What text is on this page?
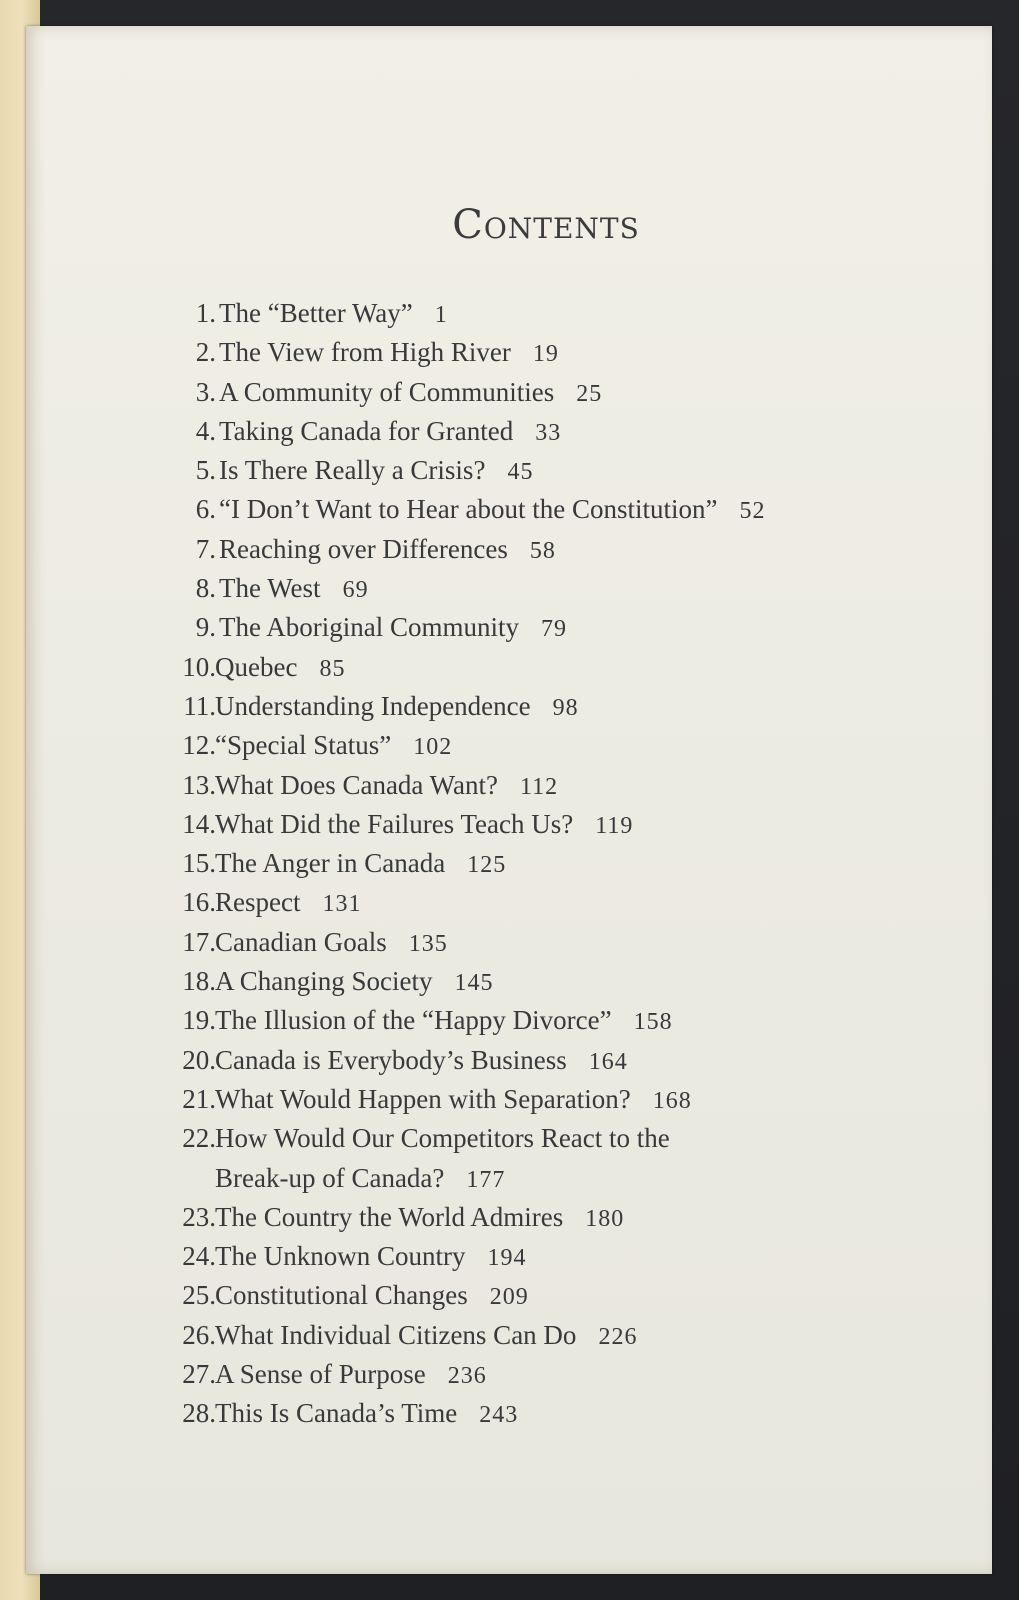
Contents
1. The “Better Way” 1
2. The View from High River 19
3. A Community of Communities 25
4. Taking Canada for Granted 33
5. Is There Really a Crisis? 45
6. “I Don’t Want to Hear about the Constitution” 52
7. Reaching over Differences 58
8. The West 69
9. The Aboriginal Community 79
10. Quebec 85
11. Understanding Independence 98
12. “Special Status” 102
13. What Does Canada Want? 112
14. What Did the Failures Teach Us? 119
15. The Anger in Canada 125
16. Respect 131
17. Canadian Goals 135
18. A Changing Society 145
19. The Illusion of the “Happy Divorce” 158
20. Canada is Everybody’s Business 164
21. What Would Happen with Separation? 168
22. How Would Our Competitors React to the
Break-up of Canada? 177
23. The Country the World Admires 180
24. The Unknown Country 194
25. Constitutional Changes 209
26. What Individual Citizens Can Do 226
27. A Sense of Purpose 236
28. This Is Canada’s Time 243
